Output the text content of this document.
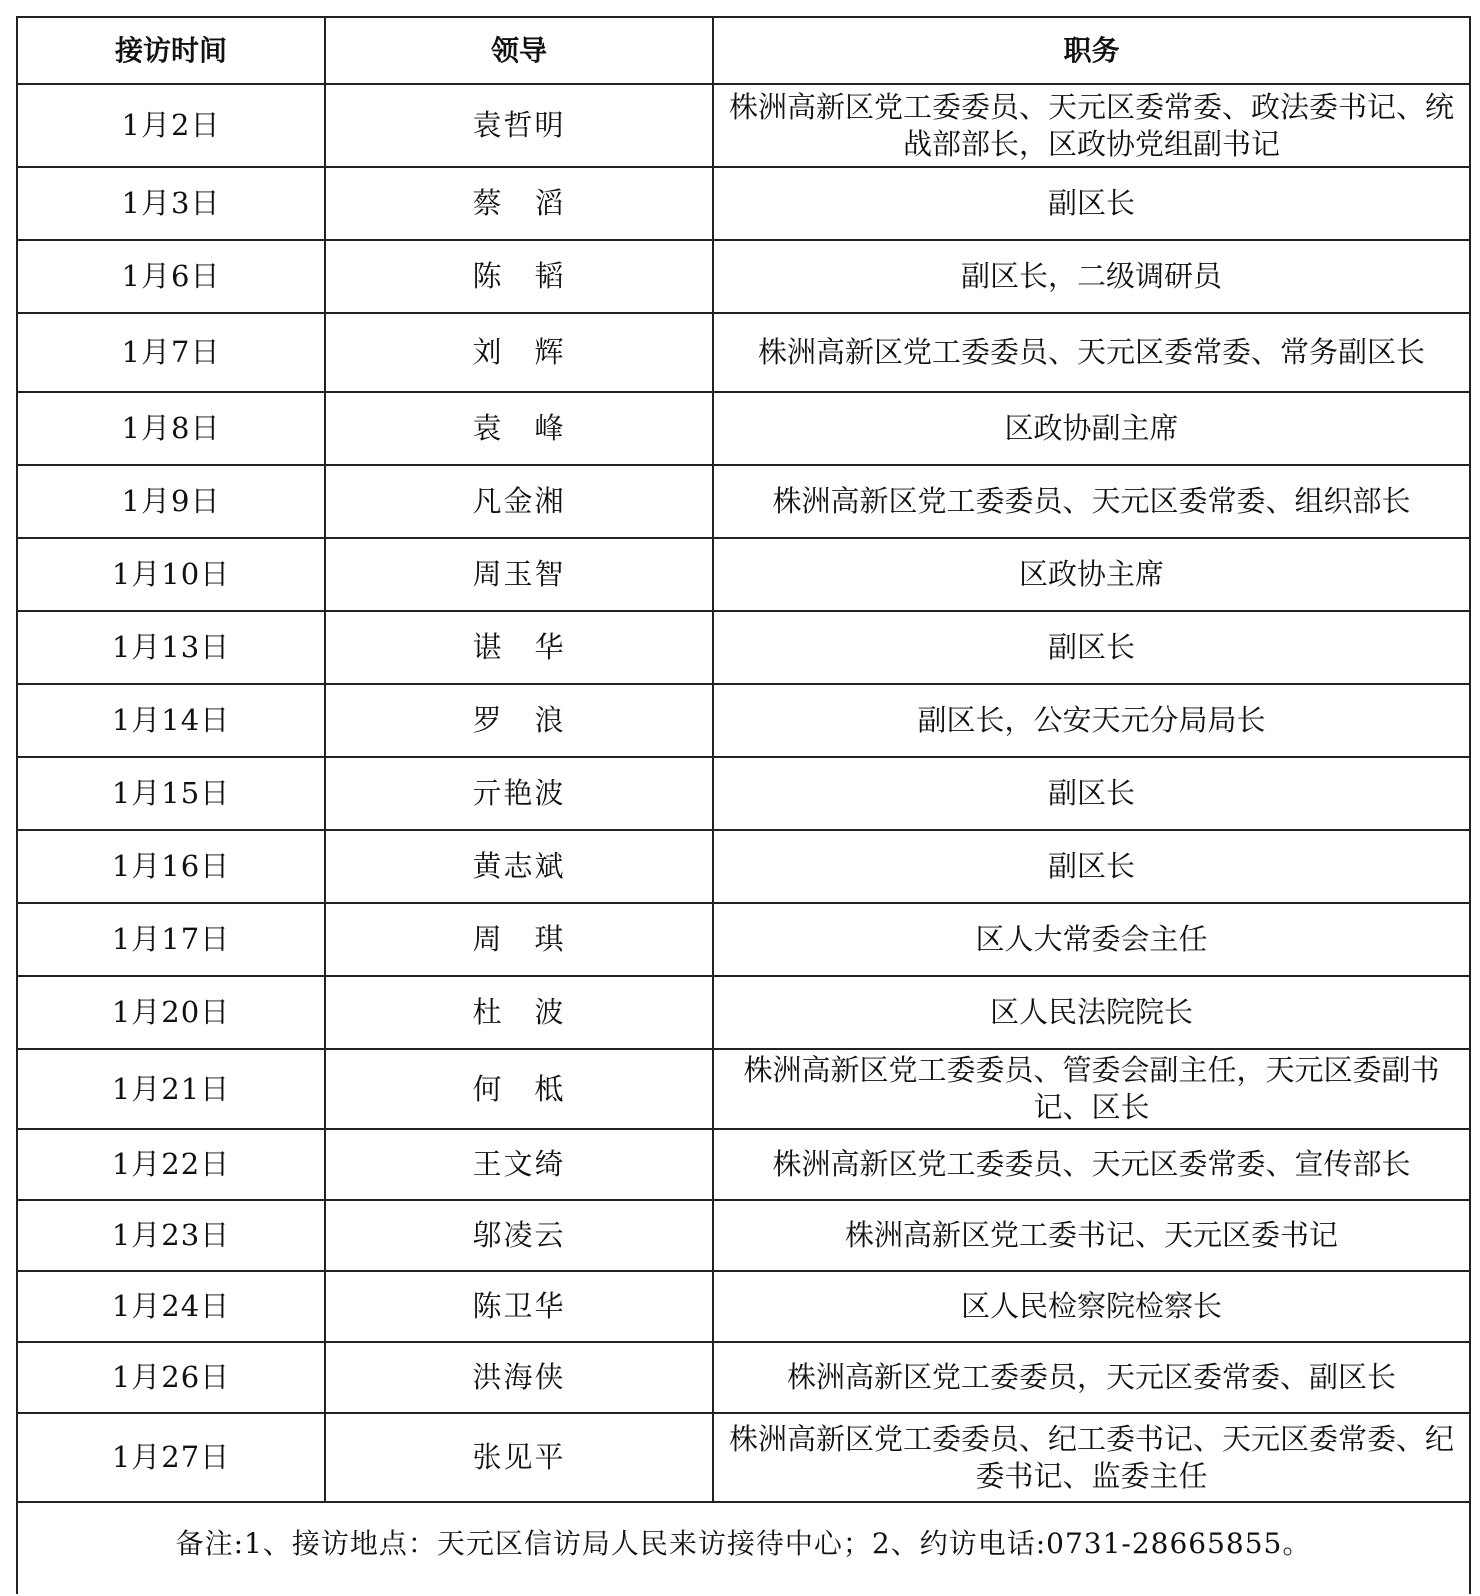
接访时间	领导	职务
1月2日	袁哲明	株洲高新区党工委委员、天元区委常委、政法委书记、统战部部长，区政协党组副书记
1月3日	蔡　滔	副区长
1月6日	陈　韬	副区长，二级调研员
1月7日	刘　辉	株洲高新区党工委委员、天元区委常委、常务副区长
1月8日	袁　峰	区政协副主席
1月9日	凡金湘	株洲高新区党工委委员、天元区委常委、组织部长
1月10日	周玉智	区政协主席
1月13日	谌　华	副区长
1月14日	罗　浪	副区长，公安天元分局局长
1月15日	亓艳波	副区长
1月16日	黄志斌	副区长
1月17日	周　琪	区人大常委会主任
1月20日	杜　波	区人民法院院长
1月21日	何　柢	株洲高新区党工委委员、管委会副主任，天元区委副书记、区长
1月22日	王文绮	株洲高新区党工委委员、天元区委常委、宣传部长
1月23日	邬凌云	株洲高新区党工委书记、天元区委书记
1月24日	陈卫华	区人民检察院检察长
1月26日	洪海侠	株洲高新区党工委委员，天元区委常委、副区长
1月27日	张见平	株洲高新区党工委委员、纪工委书记、天元区委常委、纪委书记、监委主任
备注:1、接访地点：天元区信访局人民来访接待中心；2、约访电话:0731-28665855。
